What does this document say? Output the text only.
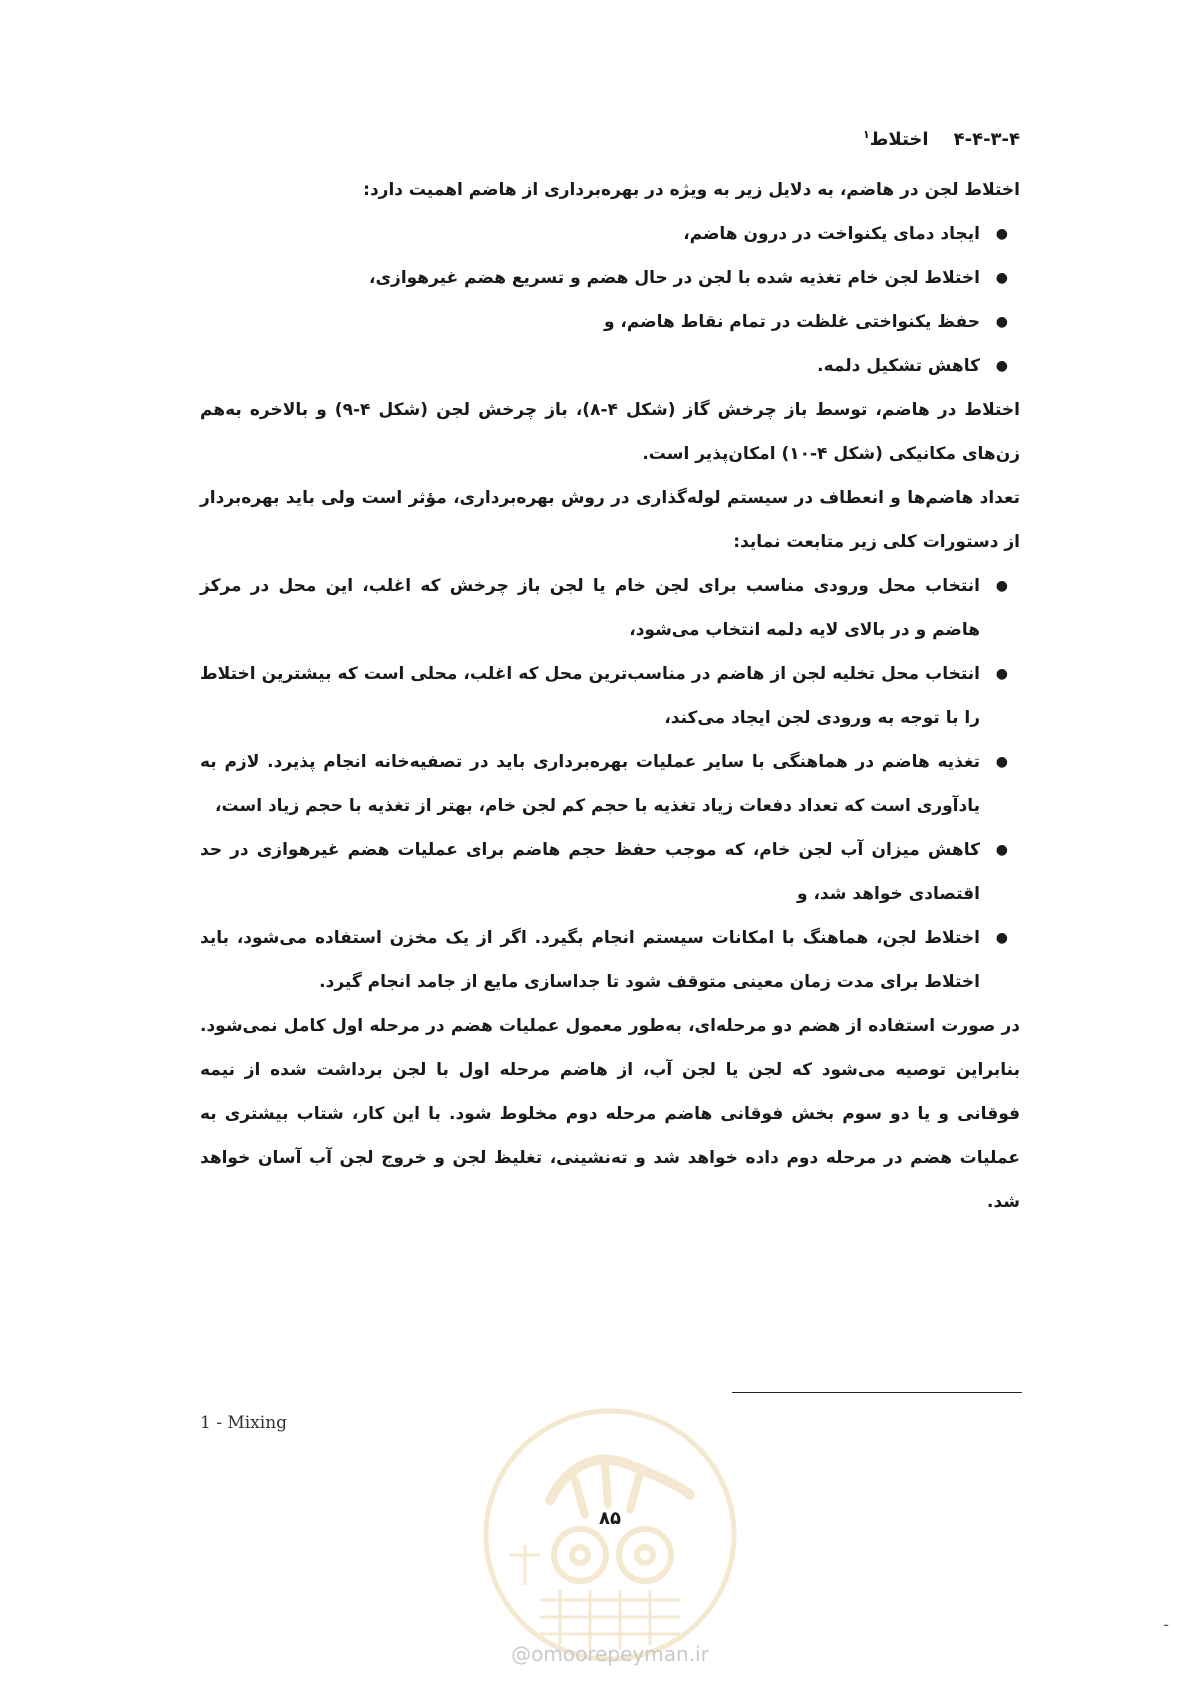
۴-۴-۳-۴    اختلاط$^۱$

اختلاط لجن در هاضم، به دلایل زیر به ویژه در بهره‌برداری از هاضم اهمیت دارد:

●
ایجاد دمای یکنواخت در درون هاضم،
●
اختلاط لجن خام تغذیه شده با لجن در حال هضم و تسریع هضم غیرهوازی،
●
حفظ یکنواختی غلظت در تمام نقاط هاضم، و
●
کاهش تشکیل دلمه.

اختلاط در هاضم، توسط باز چرخش گاز (شکل ۴-۸)، باز چرخش لجن (شکل ۴-۹) و بالاخره به‌هم زن‌های مکانیکی (شکل ۴-۱۰) امکان‌پذیر است.

تعداد هاضم‌ها و انعطاف در سیستم لوله‌گذاری در روش بهره‌برداری، مؤثر است ولی باید بهره‌بردار از دستورات کلی زیر متابعت نماید:

●
انتخاب محل ورودی مناسب برای لجن خام یا لجن باز چرخش که اغلب، این محل در مرکز هاضم و در بالای لایه دلمه انتخاب می‌شود،
●
انتخاب محل تخلیه لجن از هاضم در مناسب‌ترین محل که اغلب، محلی است که بیشترین اختلاط را با توجه به ورودی لجن ایجاد می‌کند،
●
تغذیه هاضم در هماهنگی با سایر عملیات بهره‌برداری باید در تصفیه‌خانه انجام پذیرد. لازم به یادآوری است که تعداد دفعات زیاد تغذیه با حجم کم لجن خام، بهتر از تغذیه با حجم زیاد است،
●
کاهش میزان آب لجن خام، که موجب حفظ حجم هاضم برای عملیات هضم غیرهوازی در حد اقتصادی خواهد شد، و
●
اختلاط لجن، هماهنگ با امکانات سیستم انجام بگیرد. اگر از یک مخزن استفاده می‌شود، باید اختلاط برای مدت زمان معینی متوقف شود تا جداسازی مایع از جامد انجام گیرد.

در صورت استفاده از هضم دو مرحله‌ای، به‌طور معمول عملیات هضم در مرحله اول کامل نمی‌شود. بنابراین توصیه می‌شود که لجن یا لجن آب، از هاضم مرحله اول با لجن برداشت شده از نیمه فوقانی و یا دو سوم بخش فوقانی هاضم مرحله دوم مخلوط شود. با این کار، شتاب بیشتری به عملیات هضم در مرحله دوم داده خواهد شد و ته‌نشینی، تغلیظ لجن و خروج لجن آب آسان خواهد شد.

1 - Mixing
۸۵
@omoorepeyman.ir
-
